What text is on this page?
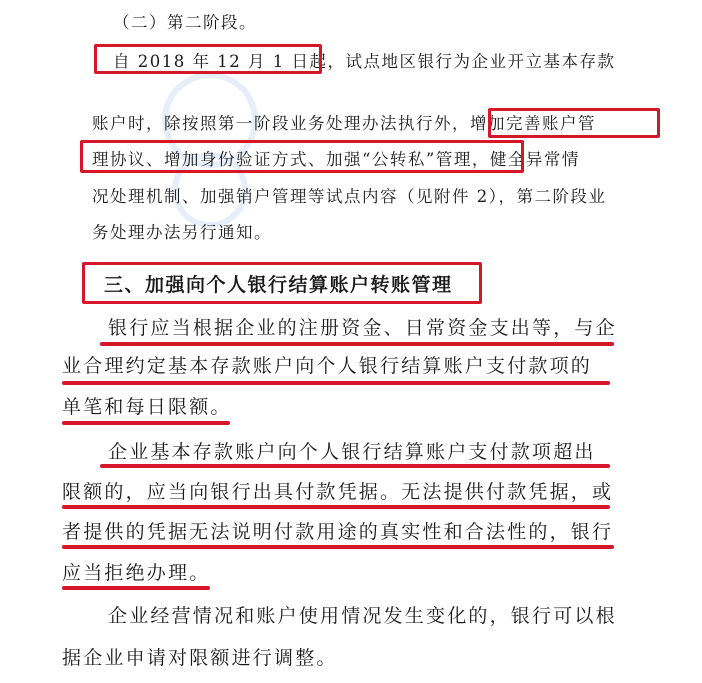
（二）第二阶段。
自 2018 年 12 月 1 日起，试点地区银行为企业开立基本存款
账户时，除按照第一阶段业务处理办法执行外，增加完善账户管
理协议、增加身份验证方式、加强“公转私”管理，健全异常情
况处理机制、加强销户管理等试点内容（见附件 2），第二阶段业
务处理办法另行通知。
三、加强向个人银行结算账户转账管理
银行应当根据企业的注册资金、日常资金支出等，与企
业合理约定基本存款账户向个人银行结算账户支付款项的
单笔和每日限额。
企业基本存款账户向个人银行结算账户支付款项超出
限额的，应当向银行出具付款凭据。无法提供付款凭据，或
者提供的凭据无法说明付款用途的真实性和合法性的，银行
应当拒绝办理。
企业经营情况和账户使用情况发生变化的，银行可以根
据企业申请对限额进行调整。
